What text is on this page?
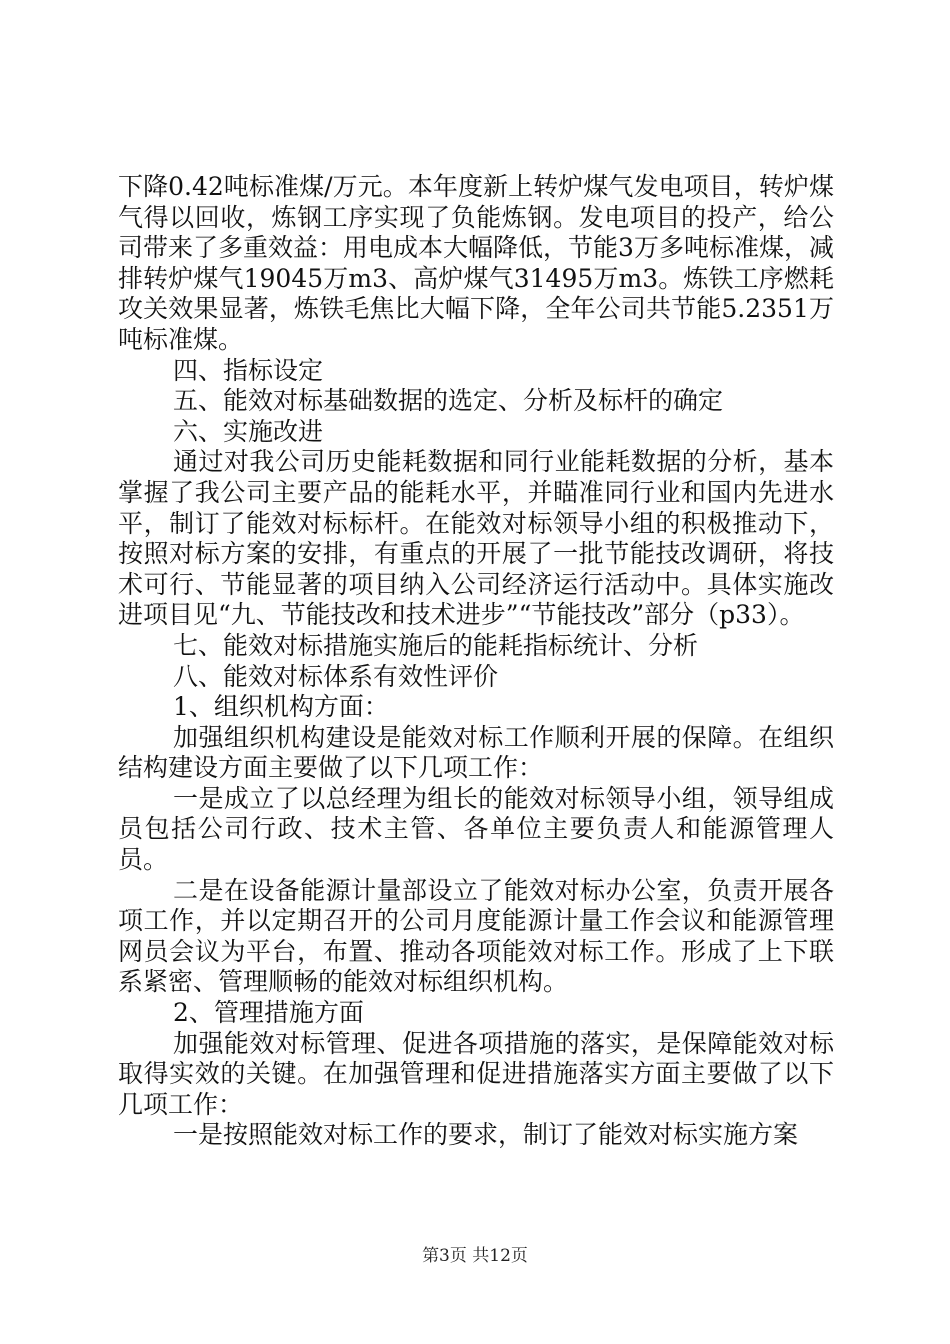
下降0.42吨标准煤/万元。本年度新上转炉煤气发电项目，转炉煤气得以回收，炼钢工序实现了负能炼钢。发电项目的投产，给公司带来了多重效益：用电成本大幅降低，节能3万多吨标准煤，减排转炉煤气19045万m3、高炉煤气31495万m3。炼铁工序燃耗攻关效果显著，炼铁毛焦比大幅下降，全年公司共节能5.2351万吨标准煤。

四、指标设定

五、能效对标基础数据的选定、分析及标杆的确定

六、实施改进

通过对我公司历史能耗数据和同行业能耗数据的分析，基本掌握了我公司主要产品的能耗水平，并瞄准同行业和国内先进水平，制订了能效对标标杆。在能效对标领导小组的积极推动下，按照对标方案的安排，有重点的开展了一批节能技改调研，将技术可行、节能显著的项目纳入公司经济运行活动中。具体实施改进项目见“九、节能技改和技术进步”“节能技改”部分（p33）。

七、能效对标措施实施后的能耗指标统计、分析

八、能效对标体系有效性评价

1、组织机构方面：

加强组织机构建设是能效对标工作顺利开展的保障。在组织结构建设方面主要做了以下几项工作：

一是成立了以总经理为组长的能效对标领导小组，领导组成员包括公司行政、技术主管、各单位主要负责人和能源管理人员。

二是在设备能源计量部设立了能效对标办公室，负责开展各项工作，并以定期召开的公司月度能源计量工作会议和能源管理网员会议为平台，布置、推动各项能效对标工作。形成了上下联系紧密、管理顺畅的能效对标组织机构。

2、管理措施方面

加强能效对标管理、促进各项措施的落实，是保障能效对标取得实效的关键。在加强管理和促进措施落实方面主要做了以下几项工作：

一是按照能效对标工作的要求，制订了能效对标实施方案

第3页 共12页
